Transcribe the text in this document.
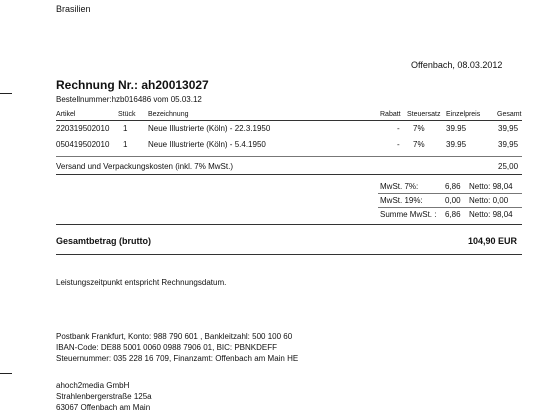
Brasilien
Offenbach, 08.03.2012
Rechnung Nr.: ah20013027
Bestellnummer:hzb016486 vom 05.03.12
Artikel	Stück Bezeichnung	Rabatt Steuersatz Einzelpreis Gesamt
220319502010 1	Neue Illustrierte (Köln) - 22.3.1950	- 7%	39.95	39,95
050419502010 1	Neue Illustrierte (Köln) - 5.4.1950	- 7%	39.95	39,95
Versand und Verpackungskosten (inkl. 7% MwSt.)	25,00
MwSt. 7%:	6,86 Netto: 98,04
MwSt. 19%:	0,00 Netto: 0,00
Summe MwSt. : 6,86 Netto: 98,04
Gesamtbetrag (brutto)	104,90 EUR
Leistungszeitpunkt entspricht Rechnungsdatum.
Postbank Frankfurt, Konto: 988 790 601 , Bankleitzahl: 500 100 60
IBAN-Code: DE88 5001 0060 0988 7906 01, BIC: PBNKDEFF
Steuernummer: 035 228 16 709, Finanzamt: Offenbach am Main HE
ahoch2media GmbH
Strahlenbergerstraße 125a
63067 Offenbach am Main
